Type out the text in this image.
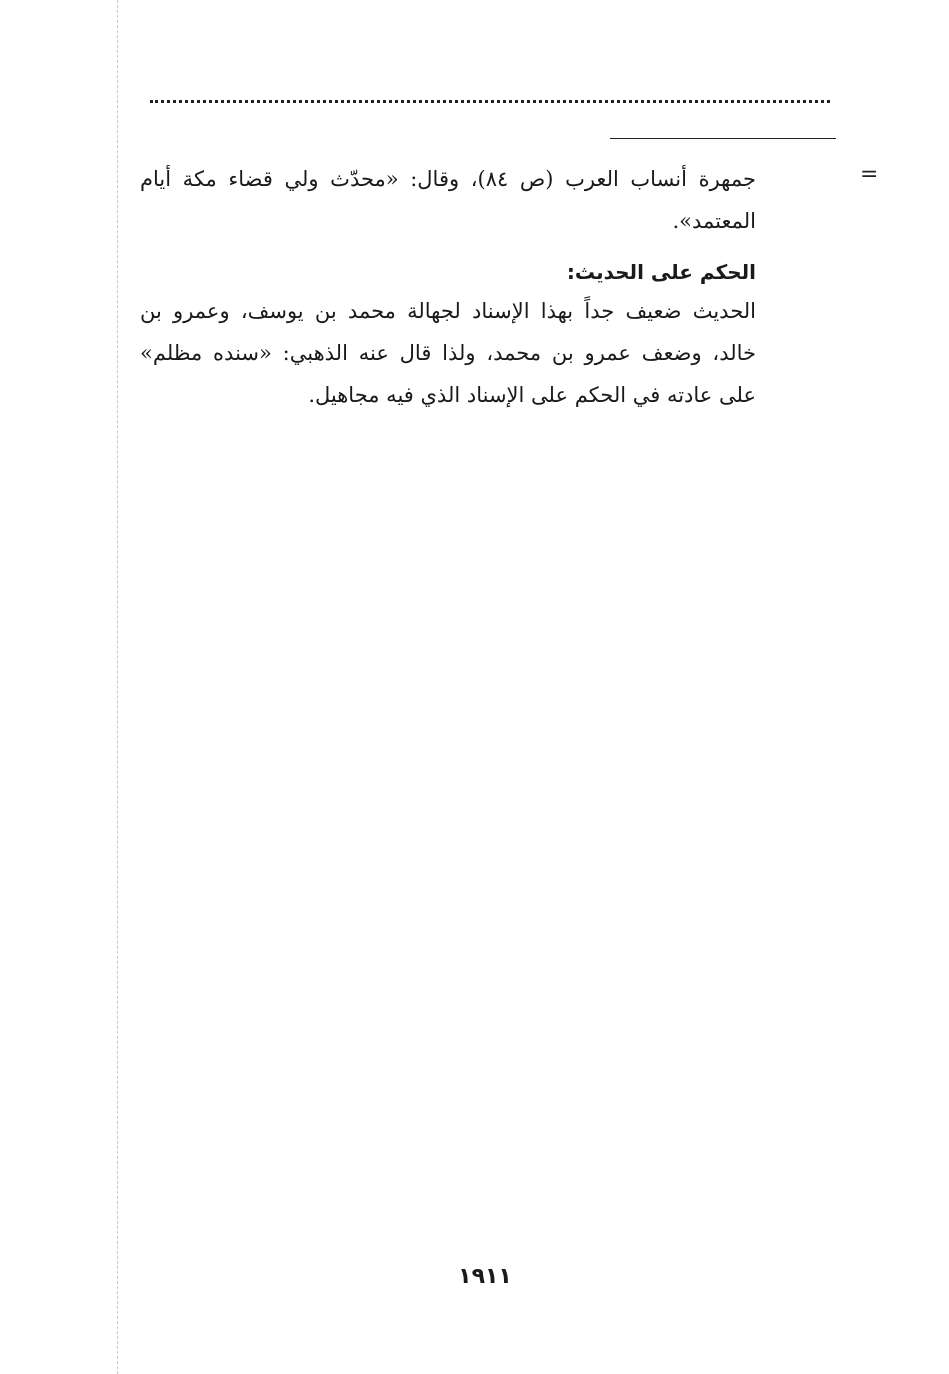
=

جمهرة أنساب العرب (ص ٨٤)، وقال: «محدّث ولي قضاء مكة أيام المعتمد».

الحكم على الحديث:

الحديث ضعيف جداً بهذا الإسناد لجهالة محمد بن يوسف، وعمرو بن خالد، وضعف عمرو بن محمد، ولذا قال عنه الذهبي: «سنده مظلم» على عادته في الحكم على الإسناد الذي فيه مجاهيل.

١٩١١
